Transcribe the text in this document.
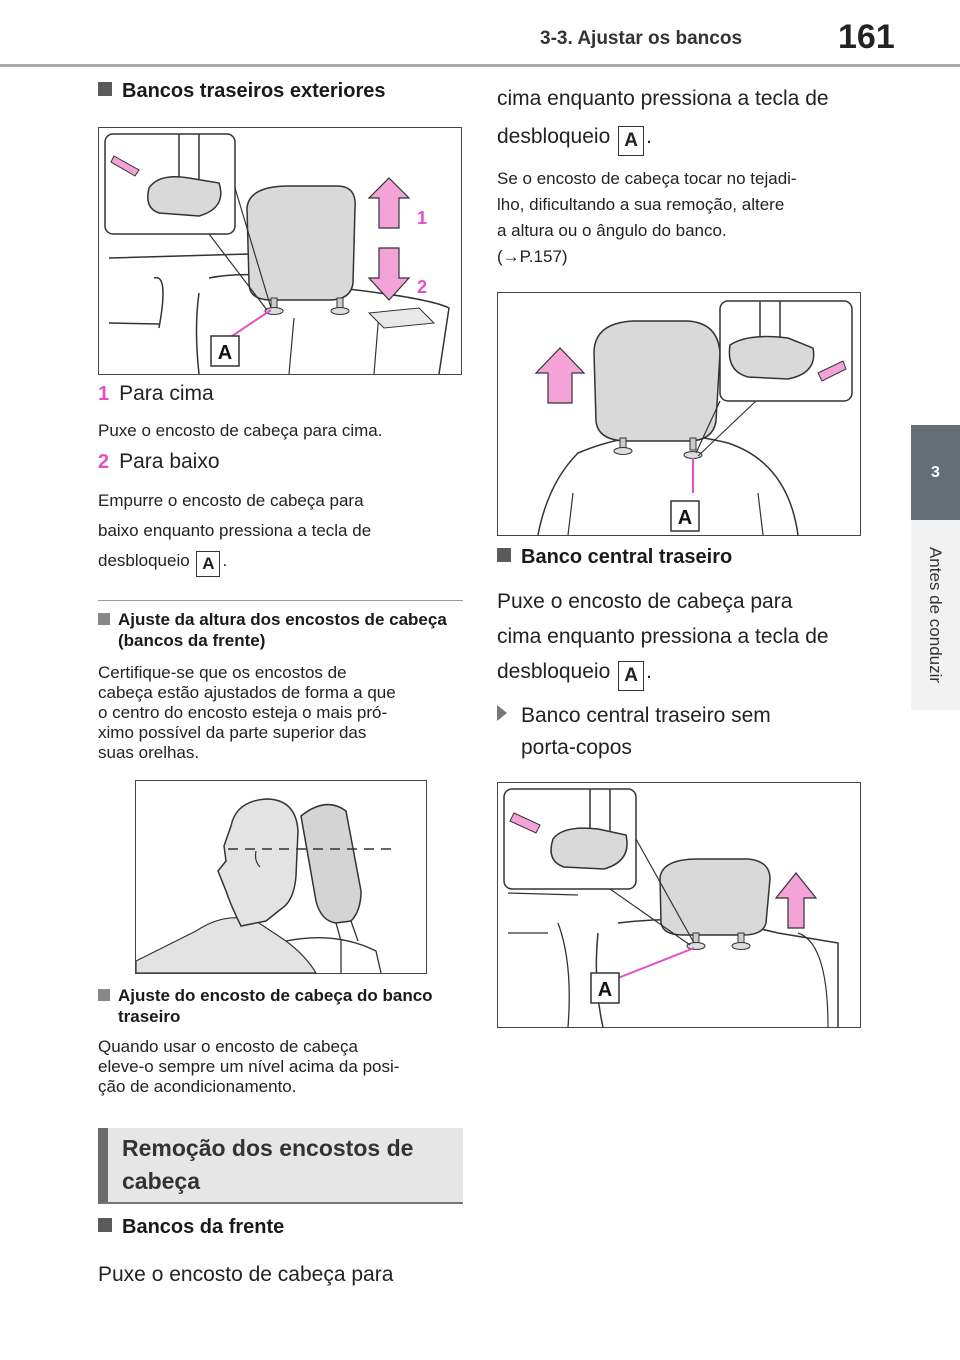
3-3. Ajustar os bancos	161
3
Antes de conduzir
Bancos traseiros exteriores
A
1
2
1 Para cima
Puxe o encosto de cabeça para cima.
2 Para baixo
Empurre o encosto de cabeça para
baixo enquanto pressiona a tecla de
desbloqueio A .
Ajuste da altura dos encostos de cabeça (bancos da frente)
Certifique-se que os encostos de
cabeça estão ajustados de forma a que
o centro do encosto esteja o mais pró-
ximo possível da parte superior das
suas orelhas.
Ajuste do encosto de cabeça do banco traseiro
Quando usar o encosto de cabeça
eleve-o sempre um nível acima da posi-
ção de acondicionamento.
Remoção dos encostos de
cabeça
Bancos da frente
Puxe o encosto de cabeça para
cima enquanto pressiona a tecla de
desbloqueio A .
Se o encosto de cabeça tocar no tejadi-
lho, dificultando a sua remoção, altere
a altura ou o ângulo do banco.
(→P.157)
A
Banco central traseiro
Puxe o encosto de cabeça para
cima enquanto pressiona a tecla de
desbloqueio A .
Banco central traseiro sem
porta-copos
A
